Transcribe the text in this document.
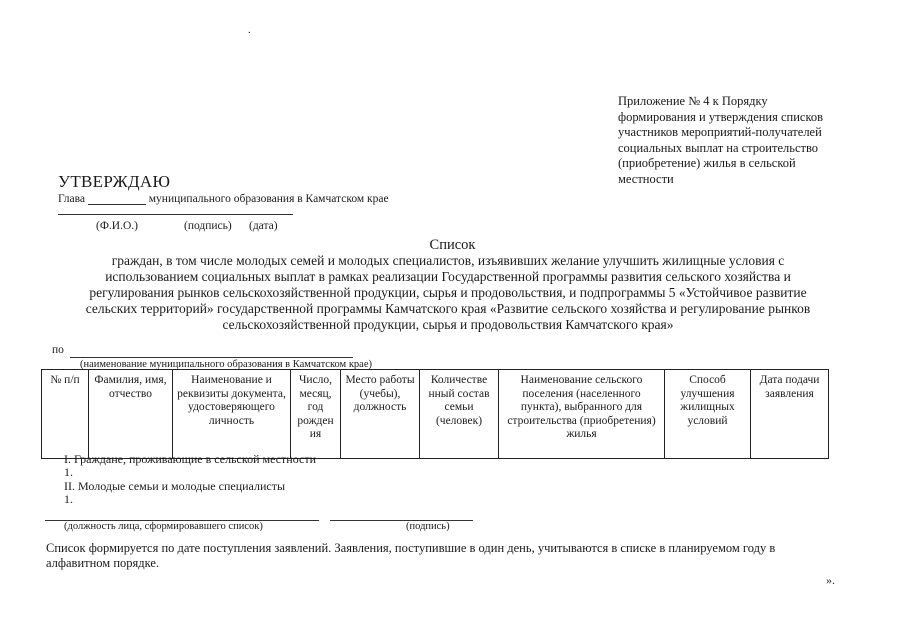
.
Приложение № 4 к Порядку
формирования и утверждения списков
участников мероприятий-получателей
социальных выплат на строительство
(приобретение) жилья в сельской
местности
УТВЕРЖДАЮ
Глава	муниципального образования в Камчатском крае
(Ф.И.О.)	(подпись) (дата)
Список
граждан, в том числе молодых семей и молодых специалистов, изъявивших желание улучшить жилищные условия с
использованием социальных выплат в рамках реализации Государственной программы развития сельского хозяйства и
регулирования рынков сельскохозяйственной продукции, сырья и продовольствия, и подпрограммы 5 «Устойчивое развитие
сельских территорий» государственной программы Камчатского края «Развитие сельского хозяйства и регулирование рынков
сельскохозяйственной продукции, сырья и продовольствия Камчатского края»
по
(наименование муниципального образования в Камчатском крае)
№ п/п	Фамилия, имя, отчество	Наименование и реквизиты документа, удостоверяющего личность	Число, месяц, год рожден ия	Место работы (учебы), должность	Количестве нный состав семьи (человек)	Наименование сельского поселения (населенного пункта), выбранного для строительства (приобретения) жилья	Способ улучшения жилищных условий	Дата подачи заявления
I. Граждане, проживающие в сельской местности
1.
II. Молодые семьи и молодые специалисты
1.
(должность лица, сформировавшего список)	(подпись)
Список формируется по дате поступления заявлений. Заявления, поступившие в один день, учитываются в списке в планируемом году в алфавитном порядке.
».
